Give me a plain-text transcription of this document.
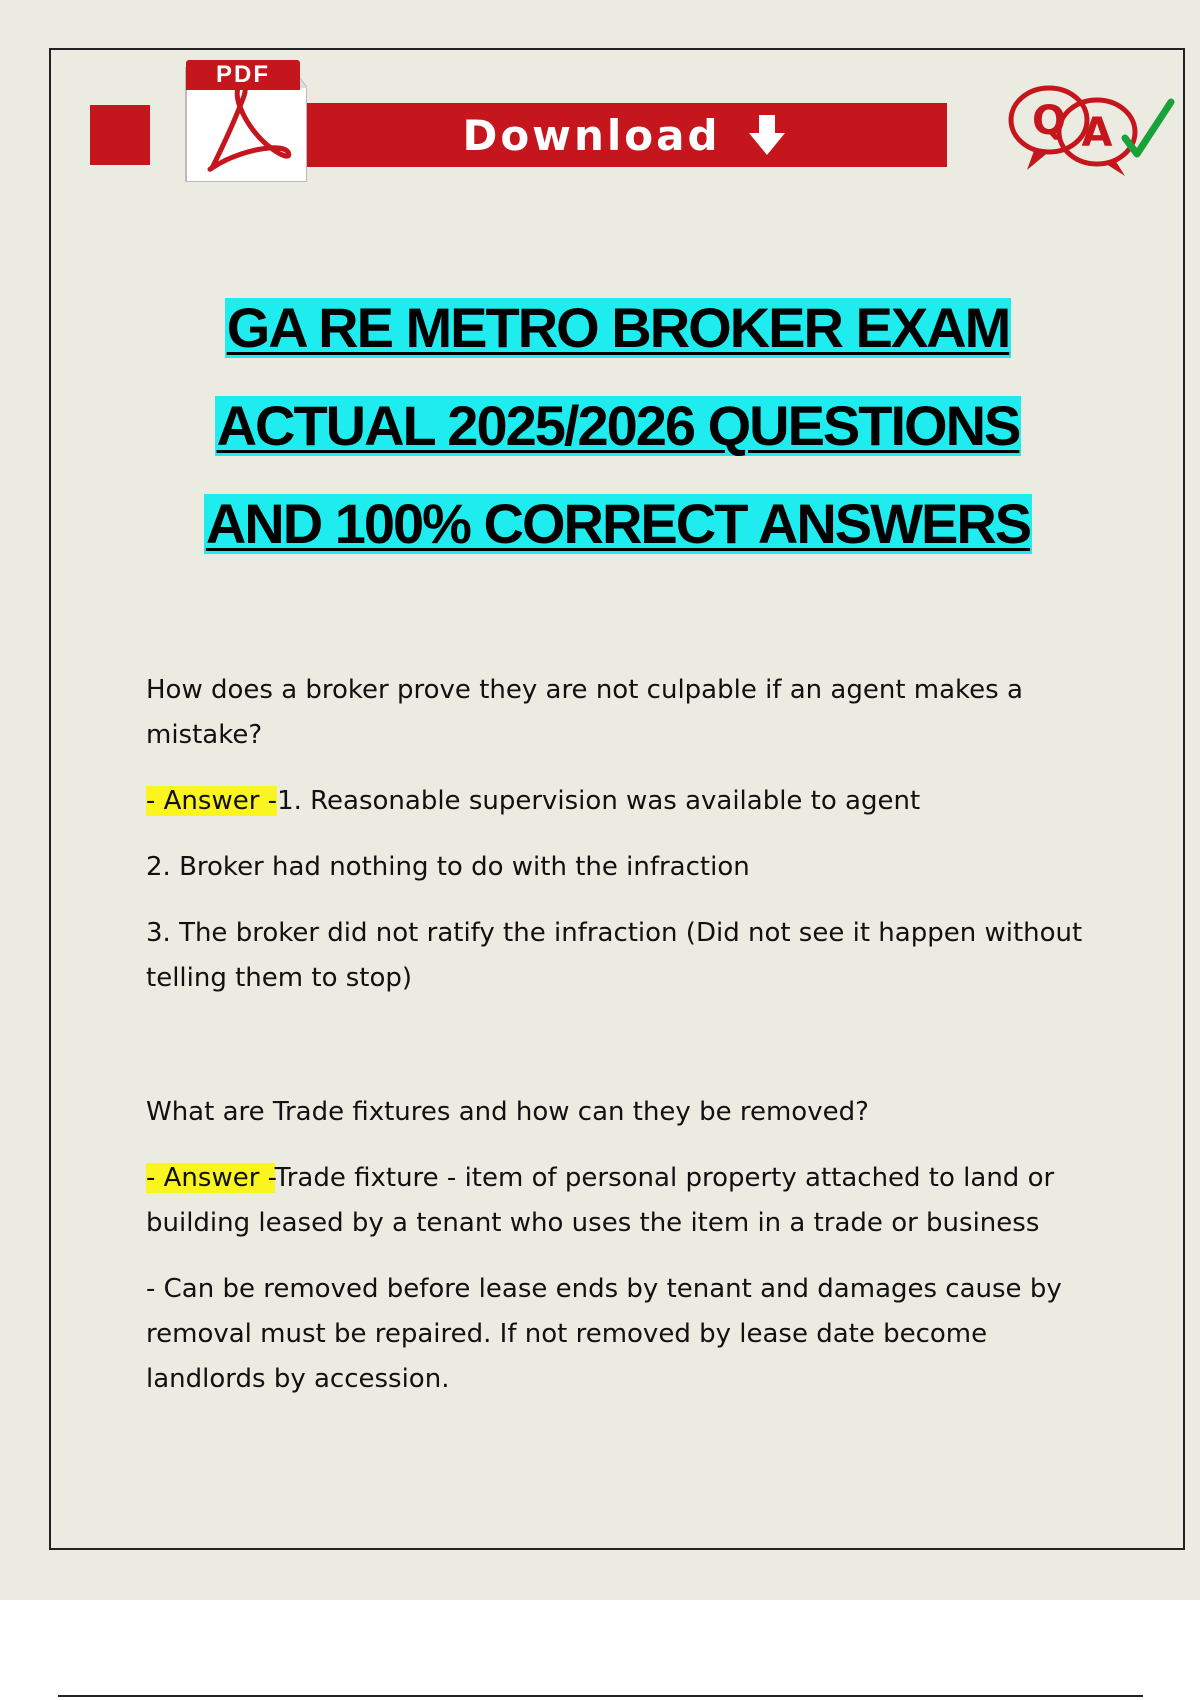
Download
PDF
Q A
GA RE METRO BROKER EXAM
ACTUAL 2025/2026 QUESTIONS
AND 100% CORRECT ANSWERS

How does a broker prove they are not culpable if an agent makes a mistake?

- Answer -1. Reasonable supervision was available to agent

2. Broker had nothing to do with the infraction

3. The broker did not ratify the infraction (Did not see it happen without telling them to stop)

What are Trade fixtures and how can they be removed?

- Answer -Trade fixture - item of personal property attached to land or building leased by a tenant who uses the item in a trade or business

- Can be removed before lease ends by tenant and damages cause by removal must be repaired. If not removed by lease date become landlords by accession.
